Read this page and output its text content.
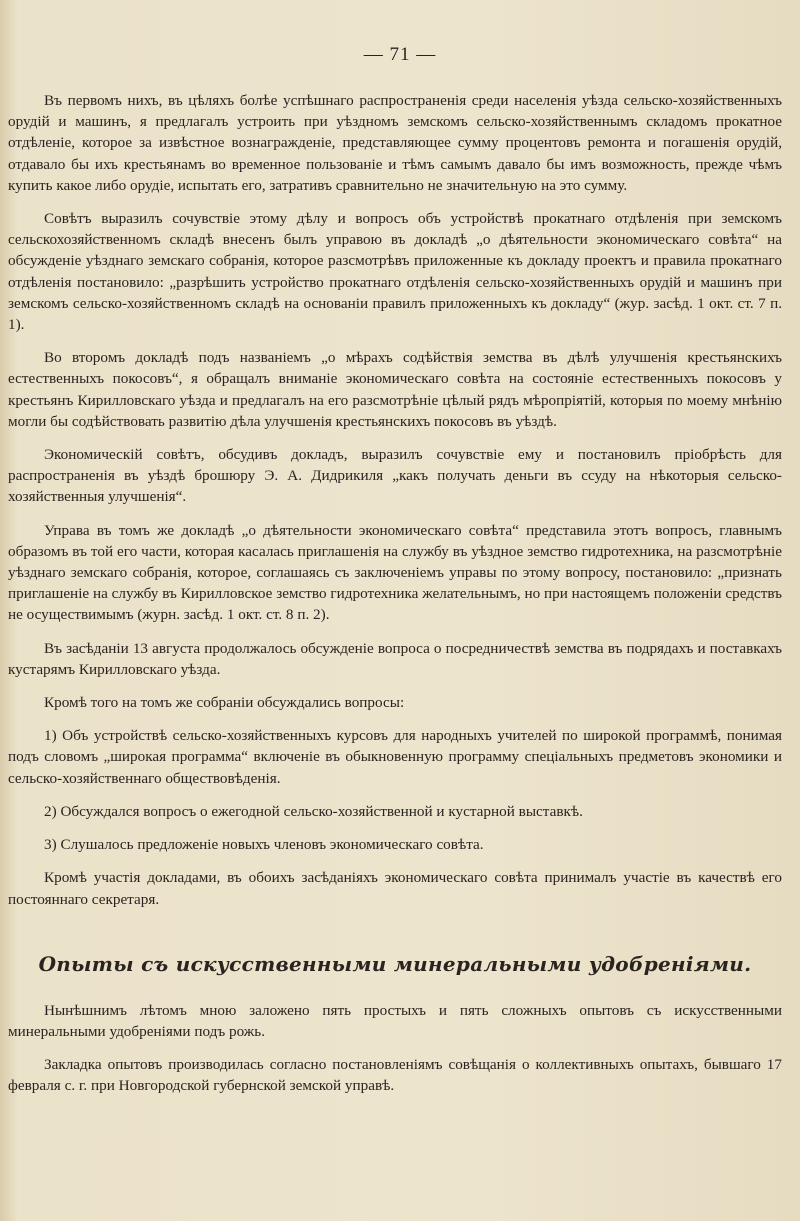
— 71 —

Въ первомъ нихъ, въ цѣляхъ болѣе успѣшнаго распространенія среди населенія уѣзда сельско-хозяйственныхъ орудій и машинъ, я предлагалъ устроить при уѣздномъ земскомъ сельско-хозяйственнымъ складомъ прокатное отдѣленіе, которое за извѣстное вознагражденіе, представляющее сумму процентовъ ремонта и погашенія орудій, отдавало бы ихъ крестьянамъ во временное пользованіе и тѣмъ самымъ давало бы имъ возможность, прежде чѣмъ купить какое либо орудіе, испытать его, затративъ сравнительно не значительную на это сумму.

Совѣтъ выразилъ сочувствіе этому дѣлу и вопросъ объ устройствѣ прокатнаго отдѣленія при земскомъ сельскохозяйственномъ складѣ внесенъ былъ управою въ докладѣ „о дѣятельности экономическаго совѣта“ на обсужденіе уѣзднаго земскаго собранія, которое разсмотрѣвъ приложенные къ докладу проектъ и правила прокатнаго отдѣленія постановило: „разрѣшить устройство прокатнаго отдѣленія сельско-хозяйственныхъ орудій и машинъ при земскомъ сельско-хозяйственномъ складѣ на основаніи правилъ приложенныхъ къ докладу“ (жур. засѣд. 1 окт. ст. 7 п. 1).

Во второмъ докладѣ подъ названіемъ „о мѣрахъ содѣйствія земства въ дѣлѣ улучшенія крестьянскихъ естественныхъ покосовъ“, я обращалъ вниманіе экономическаго совѣта на состояніе естественныхъ покосовъ у крестьянъ Кирилловскаго уѣзда и предлагалъ на его разсмотрѣніе цѣлый рядъ мѣропріятій, которыя по моему мнѣнію могли бы содѣйствовать развитію дѣла улучшенія крестьянскихъ покосовъ въ уѣздѣ.

Экономическій совѣтъ, обсудивъ докладъ, выразилъ сочувствіе ему и постановилъ пріобрѣсть для распространенія въ уѣздѣ брошюру Э. А. Дидрикиля „какъ получать деньги въ ссуду на нѣкоторыя сельско-хозяйственныя улучшенія“.

Управа въ томъ же докладѣ „о дѣятельности экономическаго совѣта“ представила этотъ вопросъ, главнымъ образомъ въ той его части, которая касалась приглашенія на службу въ уѣздное земство гидротехника, на разсмотрѣніе уѣзднаго земскаго собранія, которое, соглашаясь съ заключеніемъ управы по этому вопросу, постановило: „признать приглашеніе на службу въ Кирилловское земство гидротехника желательнымъ, но при настоящемъ положеніи средствъ не осуществимымъ (журн. засѣд. 1 окт. ст. 8 п. 2).

Въ засѣданіи 13 августа продолжалось обсужденіе вопроса о посредничествѣ земства въ подрядахъ и поставкахъ кустарямъ Кирилловскаго уѣзда.

Кромѣ того на томъ же собраніи обсуждались вопросы:

1) Объ устройствѣ сельско-хозяйственныхъ курсовъ для народныхъ учителей по широкой программѣ, понимая подъ словомъ „широкая программа“ включеніе въ обыкновенную программу спеціальныхъ предметовъ экономики и сельско-хозяйственнаго обществовѣденія.

2) Обсуждался вопросъ о ежегодной сельско-хозяйственной и кустарной выставкѣ.

3) Слушалось предложеніе новыхъ членовъ экономическаго совѣта.

Кромѣ участія докладами, въ обоихъ засѣданіяхъ экономическаго совѣта принималъ участіе въ качествѣ его постояннаго секретаря.

Опыты съ искусственными минеральными удобреніями.

Нынѣшнимъ лѣтомъ мною заложено пять простыхъ и пять сложныхъ опытовъ съ искусственными минеральными удобреніями подъ рожь.

Закладка опытовъ производилась согласно постановленіямъ совѣщанія о коллективныхъ опытахъ, бывшаго 17 февраля с. г. при Новгородской губернской земской управѣ.
